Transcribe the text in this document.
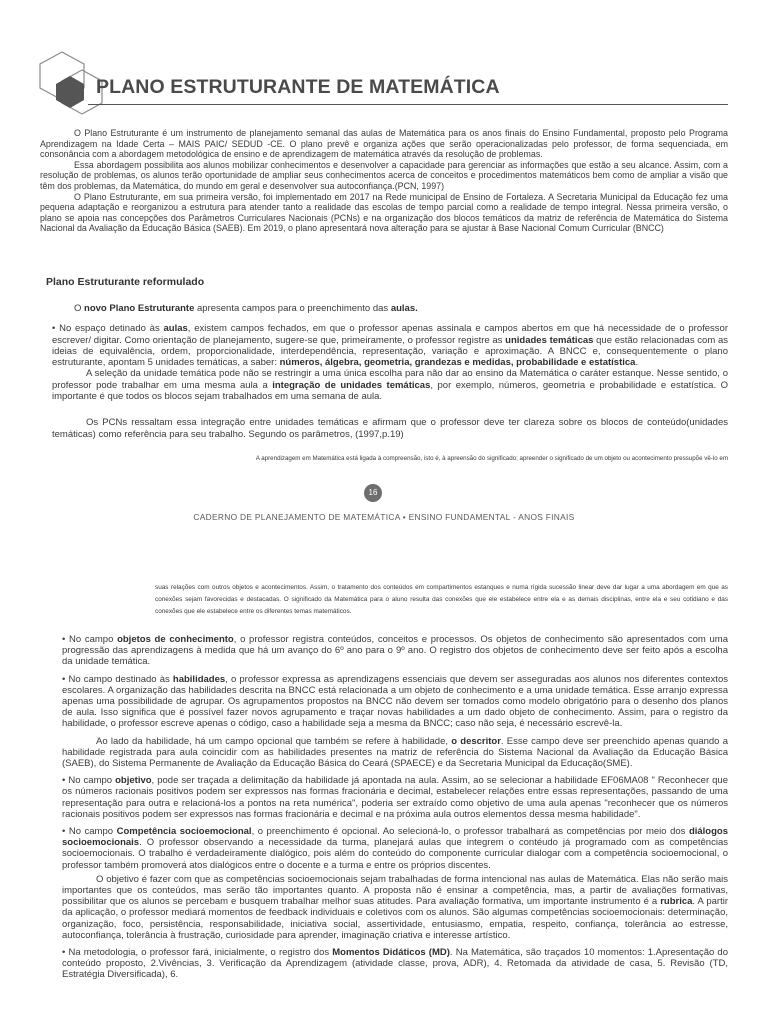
PLANO ESTRUTURANTE DE MATEMÁTICA

O Plano Estruturante é um instrumento de planejamento semanal das aulas de Matemática para os anos finais do Ensino Fundamental, proposto pelo Programa Aprendizagem na Idade Certa – MAIS PAIC/ SEDUD -CE. O plano prevê e organiza ações que serão operacionalizadas pelo professor, de forma sequenciada, em consonância com a abordagem metodológica de ensino e de aprendizagem de matemática através da resolução de problemas.

Essa abordagem possibilita aos alunos mobilizar conhecimentos e desenvolver a capacidade para gerenciar as informações que estão a seu alcance. Assim, com a resolução de problemas, os alunos terão oportunidade de ampliar seus conhecimentos acerca de conceitos e procedimentos matemáticos bem como de ampliar a visão que têm dos problemas, da Matemática, do mundo em geral e desenvolver sua autoconfiança.(PCN, 1997)

O Plano Estruturante, em sua primeira versão, foi implementado em 2017 na Rede municipal de Ensino de Fortaleza. A Secretaria Municipal da Educação fez uma pequena adaptação e reorganizou a estrutura para atender tanto a realidade das escolas de tempo parcial como a realidade de tempo integral. Nessa primeira versão, o plano se apoia nas concepções dos Parâmetros Curriculares Nacionais (PCNs) e na organização dos blocos temáticos da matriz de referência de Matemática do Sistema Nacional da Avaliação da Educação Básica (SAEB). Em 2019, o plano apresentará nova alteração para se ajustar à Base Nacional Comum Curricular (BNCC)

Plano Estruturante reformulado

O novo Plano Estruturante apresenta campos para o preenchimento das aulas.

• No espaço detinado às aulas, existem campos fechados, em que o professor apenas assinala e campos abertos em que há necessidade de o professor escrever/ digitar. Como orientação de planejamento, sugere-se que, primeiramente, o professor registre as unidades temáticas que estão relacionadas com as ideias de equivalência, ordem, proporcionalidade, interdependência, representação, variação e aproximação. A BNCC e, consequentemente o plano estruturante, apontam 5 unidades temáticas, a saber: números, álgebra, geometria, grandezas e medidas, probabilidade e estatística.

A seleção da unidade temática pode não se restringir a uma única escolha para não dar ao ensino da Matemática o caráter estanque. Nesse sentido, o professor pode trabalhar em uma mesma aula a integração de unidades temáticas, por exemplo, números, geometria e probabilidade e estatística. O importante é que todos os blocos sejam trabalhados em uma semana de aula.

Os PCNs ressaltam essa integração entre unidades temáticas e afirmam que o professor deve ter clareza sobre os blocos de conteúdo(unidades temáticas) como referência para seu trabalho. Segundo os parâmetros, (1997,p.19)

A aprendizagem em Matemática está ligada à compreensão, isto é, à apreensão do significado; apreender o significado de um objeto ou acontecimento pressupõe vê-lo em

16

CADERNO DE PLANEJAMENTO DE MATEMÁTICA • ENSINO FUNDAMENTAL - ANOS FINAIS

suas relações com outros objetos e acontecimentos. Assim, o tratamento dos conteúdos em compartimentos estanques e numa rígida sucessão linear deve dar lugar a uma abordagem em que as conexões sejam favorecidas e destacadas. O significado da Matemática para o aluno resulta das conexões que ele estabelece entre ela e as demais disciplinas, entre ela e seu cotidiano e das conexões que ele estabelece entre os diferentes temas matemáticos.

• No campo objetos de conhecimento, o professor registra conteúdos, conceitos e processos. Os objetos de conhecimento são apresentados com uma progressão das aprendizagens à medida que há um avanço do 6º ano para o 9º ano. O registro dos objetos de conhecimento deve ser feito após a escolha da unidade temática.

• No campo destinado às habilidades, o professor expressa as aprendizagens essenciais que devem ser asseguradas aos alunos nos diferentes contextos escolares. A organização das habilidades descrita na BNCC está relacionada a um objeto de conhecimento e a uma unidade temática. Esse arranjo expressa apenas uma possibilidade de agrupar. Os agrupamentos propostos na BNCC não devem ser tomados como modelo obrigatório para o desenho dos planos de aula. Isso significa que é possível fazer novos agrupamento e traçar novas habilidades a um dado objeto de conhecimento. Assim, para o registro da habilidade, o professor escreve apenas o código, caso a habilidade seja a mesma da BNCC; caso não seja, é necessário escrevê-la.

Ao lado da habilidade, há um campo opcional que também se refere à habilidade, o descritor. Esse campo deve ser preenchido apenas quando a habilidade registrada para aula coincidir com as habilidades presentes na matriz de referência do Sistema Nacional da Avaliação da Educação Básica (SAEB), do Sistema Permanente de Avaliação da Educação Básica do Ceará (SPAECE) e da Secretaria Municipal da Educação(SME).

• No campo objetivo, pode ser traçada a delimitação da habilidade já apontada na aula. Assim, ao se selecionar a habilidade EF06MA08 " Reconhecer que os números racionais positivos podem ser expressos nas formas fracionária e decimal, estabelecer relações entre essas representações, passando de uma representação para outra e relacioná-los a pontos na reta numérica", poderia ser extraído como objetivo de uma aula apenas "reconhecer que os números racionais positivos podem ser expressos nas formas fracionária e decimal e na próxima aula outros elementos dessa mesma habilidade".

• No campo Competência socioemocional, o preenchimento é opcional. Ao selecioná-lo, o professor trabalhará as competências por meio dos diálogos socioemocionais. O professor observando a necessidade da turma, planejará aulas que integrem o contéudo já programado com as competências socioemocionais. O trabalho é verdadeiramente dialógico, pois além do conteúdo do componente curricular dialogar com a competência socioemocional, o professor também promoverá atos dialógicos entre o docente e a turma e entre os próprios discentes.

O objetivo é fazer com que as competências socioemocionais sejam trabalhadas de forma intencional nas aulas de Matemática. Elas não serão mais importantes que os conteúdos, mas serão tão importantes quanto. A proposta não é ensinar a competência, mas, a partir de avaliações formativas, possibilitar que os alunos se percebam e busquem trabalhar melhor suas atitudes. Para avaliação formativa, um importante instrumento é a rubrica. A partir da aplicação, o professor mediará momentos de feedback individuais e coletivos com os alunos. São algumas competências socioemocionais: determinação, organização, foco, persistência, responsabilidade, iniciativa social, assertividade, entusiasmo, empatia, respeito, confiança, tolerância ao estresse, autoconfiança, tolerância à frustração, curiosidade para aprender, imaginação criativa e interesse artístico.

• Na metodologia, o professor fará, inicialmente, o registro dos Momentos Didáticos (MD). Na Matemática, são traçados 10 momentos: 1.Apresentação do conteúdo proposto, 2.Vivências, 3. Verificação da Aprendizagem (atividade classe, prova, ADR), 4. Retomada da atividade de casa, 5. Revisão (TD, Estratégia Diversificada), 6.
